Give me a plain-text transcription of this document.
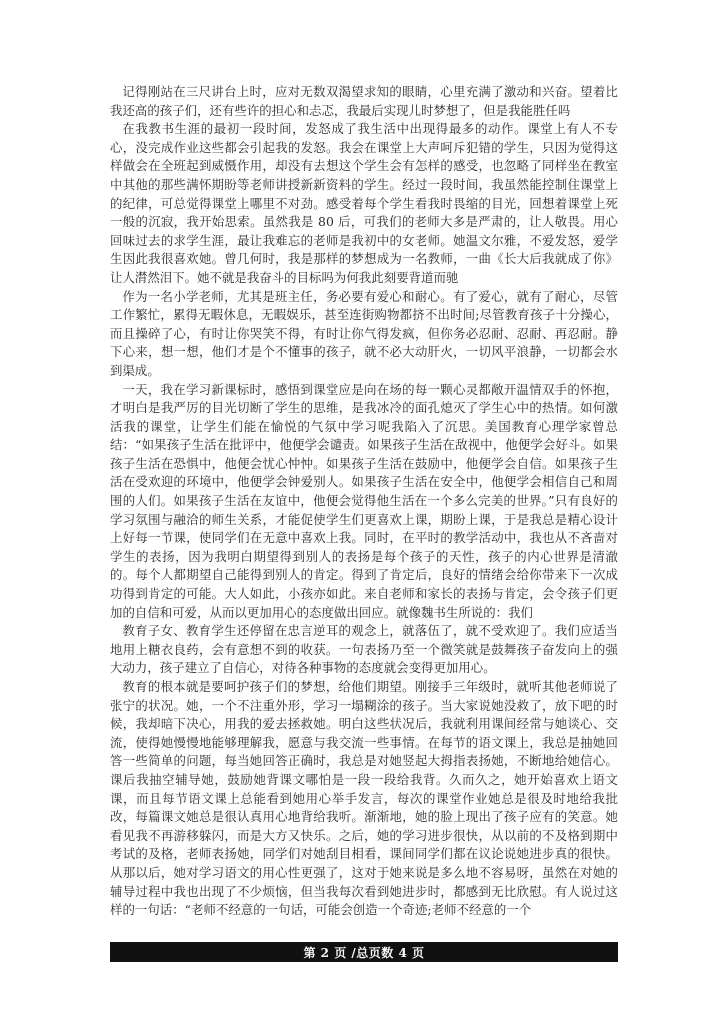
记得刚站在三尺讲台上时，应对无数双渴望求知的眼睛，心里充满了激动和兴奋。望着比我还高的孩子们，还有些许的担心和忐忑，我最后实现儿时梦想了，但是我能胜任吗

在我教书生涯的最初一段时间，发怒成了我生活中出现得最多的动作。课堂上有人不专心，没完成作业这些都会引起我的发怒。我会在课堂上大声呵斥犯错的学生，只因为觉得这样做会在全班起到威慑作用，却没有去想这个学生会有怎样的感受，也忽略了同样坐在教室中其他的那些满怀期盼等老师讲授新新资料的学生。经过一段时间，我虽然能控制住课堂上的纪律，可总觉得课堂上哪里不对劲。感受着每个学生看我时畏缩的目光，回想着课堂上死一般的沉寂，我开始思索。虽然我是 80 后，可我们的老师大多是严肃的，让人敬畏。用心回味过去的求学生涯，最让我难忘的老师是我初中的女老师。她温文尔雅，不爱发怒，爱学生因此我很喜欢她。曾几何时，我是那样的梦想成为一名教师，一曲《长大后我就成了你》让人潸然泪下。她不就是我奋斗的目标吗为何我此刻要背道而驰

作为一名小学老师，尤其是班主任，务必要有爱心和耐心。有了爱心，就有了耐心，尽管工作繁忙，累得无暇休息，无暇娱乐，甚至连街购物都挤不出时间;尽管教育孩子十分操心，而且操碎了心，有时让你哭笑不得，有时让你气得发疯，但你务必忍耐、忍耐、再忍耐。静下心来，想一想，他们才是个不懂事的孩子，就不必大动肝火，一切风平浪静，一切都会水到渠成。

一天，我在学习新课标时，感悟到课堂应是向在场的每一颗心灵都敞开温情双手的怀抱，才明白是我严厉的目光切断了学生的思维，是我冰冷的面孔熄灭了学生心中的热情。如何激活我的课堂，让学生们能在愉悦的气氛中学习呢我陷入了沉思。美国教育心理学家曾总结：“如果孩子生活在批评中，他便学会谴责。如果孩子生活在敌视中，他便学会好斗。如果孩子生活在恐惧中，他便会忧心忡忡。如果孩子生活在鼓励中，他便学会自信。如果孩子生活在受欢迎的环境中，他便学会钟爱别人。如果孩子生活在安全中，他便学会相信自己和周围的人们。如果孩子生活在友谊中，他便会觉得他生活在一个多么完美的世界。”只有良好的学习氛围与融洽的师生关系，才能促使学生们更喜欢上课，期盼上课，于是我总是精心设计上好每一节课，使同学们在无意中喜欢上我。同时，在平时的教学活动中，我也从不吝啬对学生的表扬，因为我明白期望得到别人的表扬是每个孩子的天性，孩子的内心世界是清澈的。每个人都期望自己能得到别人的肯定。得到了肯定后，良好的情绪会给你带来下一次成功得到肯定的可能。大人如此，小孩亦如此。来自老师和家长的表扬与肯定，会令孩子们更加的自信和可爱，从而以更加用心的态度做出回应。就像魏书生所说的：我们

教育子女、教育学生还停留在忠言逆耳的观念上，就落伍了，就不受欢迎了。我们应适当地用上糖衣良药，会有意想不到的收获。一句表扬乃至一个微笑就是鼓舞孩子奋发向上的强大动力，孩子建立了自信心，对待各种事物的态度就会变得更加用心。

教育的根本就是要呵护孩子们的梦想，给他们期望。刚接手三年级时，就听其他老师说了张宁的状况。她，一个不注重外形，学习一塌糊涂的孩子。当大家说她没救了，放下吧的时候，我却暗下决心，用我的爱去拯救她。明白这些状况后，我就利用课间经常与她谈心、交流，使得她慢慢地能够理解我，愿意与我交流一些事情。在每节的语文课上，我总是抽她回答一些简单的问题，每当她回答正确时，我总是对她竖起大拇指表扬她，不断地给她信心。课后我抽空辅导她，鼓励她背课文哪怕是一段一段给我背。久而久之，她开始喜欢上语文课，而且每节语文课上总能看到她用心举手发言，每次的课堂作业她总是很及时地给我批改，每篇课文她总是很认真用心地背给我听。渐渐地，她的脸上现出了孩子应有的笑意。她看见我不再游移躲闪，而是大方又快乐。之后，她的学习进步很快，从以前的不及格到期中考试的及格，老师表扬她，同学们对她刮目相看，课间同学们都在议论说她进步真的很快。从那以后，她对学习语文的用心性更强了，这对于她来说是多么地不容易呀，虽然在对她的辅导过程中我也出现了不少烦恼，但当我每次看到她进步时，都感到无比欣慰。有人说过这样的一句话：“老师不经意的一句话，可能会创造一个奇迹;老师不经意的一个

第 2 页 /总页数 4 页
